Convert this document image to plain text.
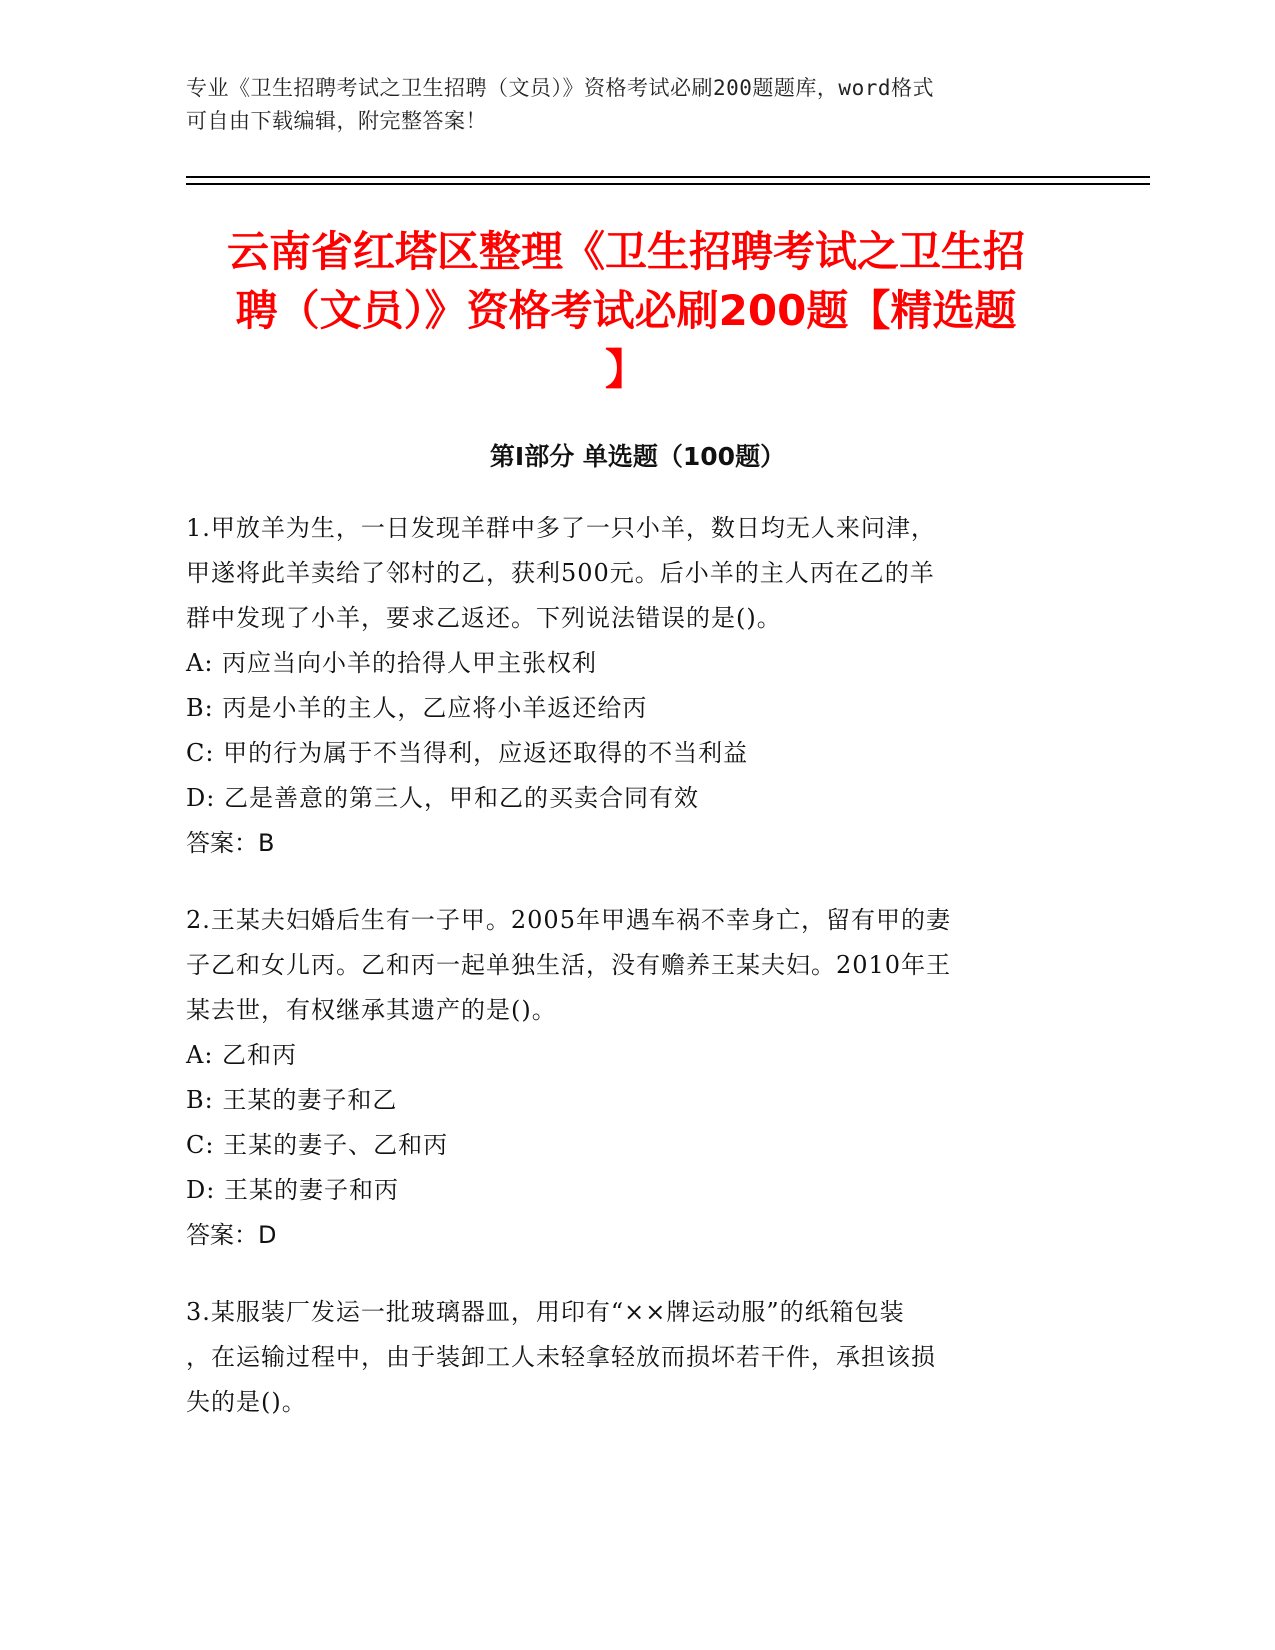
专业《卫生招聘考试之卫生招聘（文员）》资格考试必刷200题题库，word格式
可自由下载编辑，附完整答案！
云南省红塔区整理《卫生招聘考试之卫生招
聘（文员）》资格考试必刷200题【精选题
】
第I部分 单选题（100题）

1.甲放羊为生，一日发现羊群中多了一只小羊，数日均无人来问津，

甲遂将此羊卖给了邻村的乙，获利500元。后小羊的主人丙在乙的羊

群中发现了小羊，要求乙返还。下列说法错误的是()。

A: 丙应当向小羊的拾得人甲主张权利

B: 丙是小羊的主人，乙应将小羊返还给丙

C: 甲的行为属于不当得利，应返还取得的不当利益

D: 乙是善意的第三人，甲和乙的买卖合同有效

答案：B

2.王某夫妇婚后生有一子甲。2005年甲遇车祸不幸身亡，留有甲的妻

子乙和女儿丙。乙和丙一起单独生活，没有赡养王某夫妇。2010年王

某去世，有权继承其遗产的是()。

A: 乙和丙

B: 王某的妻子和乙

C: 王某的妻子、乙和丙

D: 王某的妻子和丙

答案：D

3.某服装厂发运一批玻璃器皿，用印有“××牌运动服”的纸箱包装

，在运输过程中，由于装卸工人未轻拿轻放而损坏若干件，承担该损

失的是()。
